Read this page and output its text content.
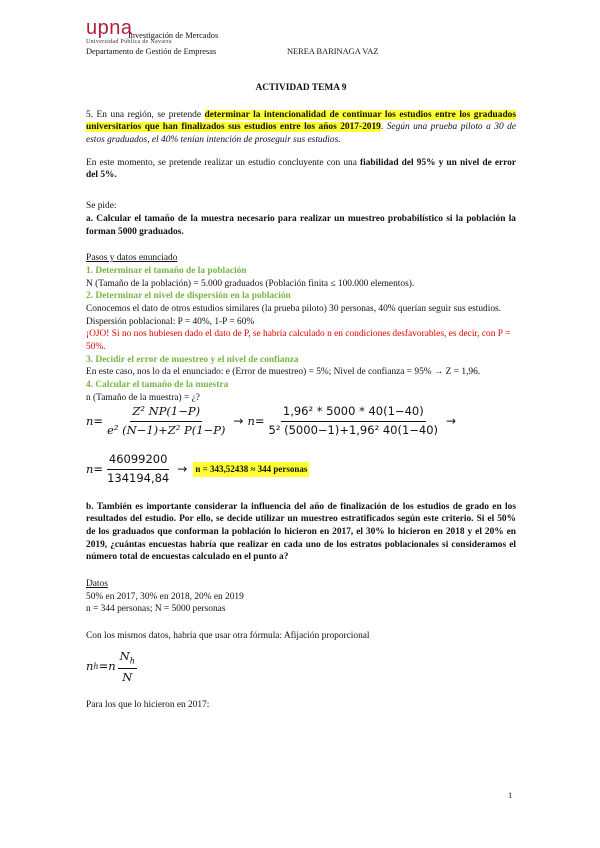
upna
Universidad Pública de Navarra
Investigación de Mercados
Departamento de Gestión de Empresas	NEREA BARINAGA VAZ

ACTIVIDAD TEMA 9

5. En una región, se pretende determinar la intencionalidad de continuar los estudios entre los graduados universitarios que han finalizados sus estudios entre los años 2017-2019. Según una prueba piloto a 30 de estos graduados, el 40% tenían intención de proseguir sus estudios.

En este momento, se pretende realizar un estudio concluyente con una fiabilidad del 95% y un nivel de error del 5%.

Se pide:

a. Calcular el tamaño de la muestra necesario para realizar un muestreo probabilístico si la población la forman 5000 graduados.

Pasos y datos enunciado

1. Determinar el tamaño de la población

N (Tamaño de la población) = 5.000 graduados (Población finita ≤ 100.000 elementos).

2. Determinar el nivel de dispersión en la población

Conocemos el dato de otros estudios similares (la prueba piloto) 30 personas, 40% querían seguir sus estudios.

Dispersión poblacional: P = 40%, 1-P = 60%

¡OJO! Si no nos hubiesen dado el dato de P, se habría calculado n en condiciones desfavorables, es decir, con P = 50%.

3. Decidir el error de muestreo y el nivel de confianza

En este caso, nos lo da el enunciado: e (Error de muestreo) = 5%; Nivel de confianza = 95% → Z = 1,96.

4. Calcular el tamaño de la muestra

n (Tamaño de la muestra) = ¿?

$n = \frac{\text{Z² NP(1−P)}}{\text{e² (N−1)+Z² P(1−P)}} \to n = \frac{\text{1,96² * 5000 * 40(1−40)}}{\text{5² (5000−1)+1,96² 40(1−40)}}$ →
$n = \frac{46099200}{134194,84} \to n = 343,52438 \approx 344$ personas

b. También es importante considerar la influencia del año de finalización de los estudios de grado en los resultados del estudio. Por ello, se decide utilizar un muestreo estratificados según este criterio. Si el 50% de los graduados que conforman la población lo hicieron en 2017, el 30% lo hicieron en 2018 y el 20% en 2019, ¿cuántas encuestas habría que realizar en cada uno de los estratos poblacionales si consideramos el número total de encuestas calculado en el punto a?

Datos

50% en 2017, 30% en 2018, 20% en 2019

n = 344 personas; N = 5000 personas

Con los mismos datos, habría que usar otra fórmula: Afijación proporcional

n h = n $\frac{N_h}{N}$

Para los que lo hicieron en 2017:

1
